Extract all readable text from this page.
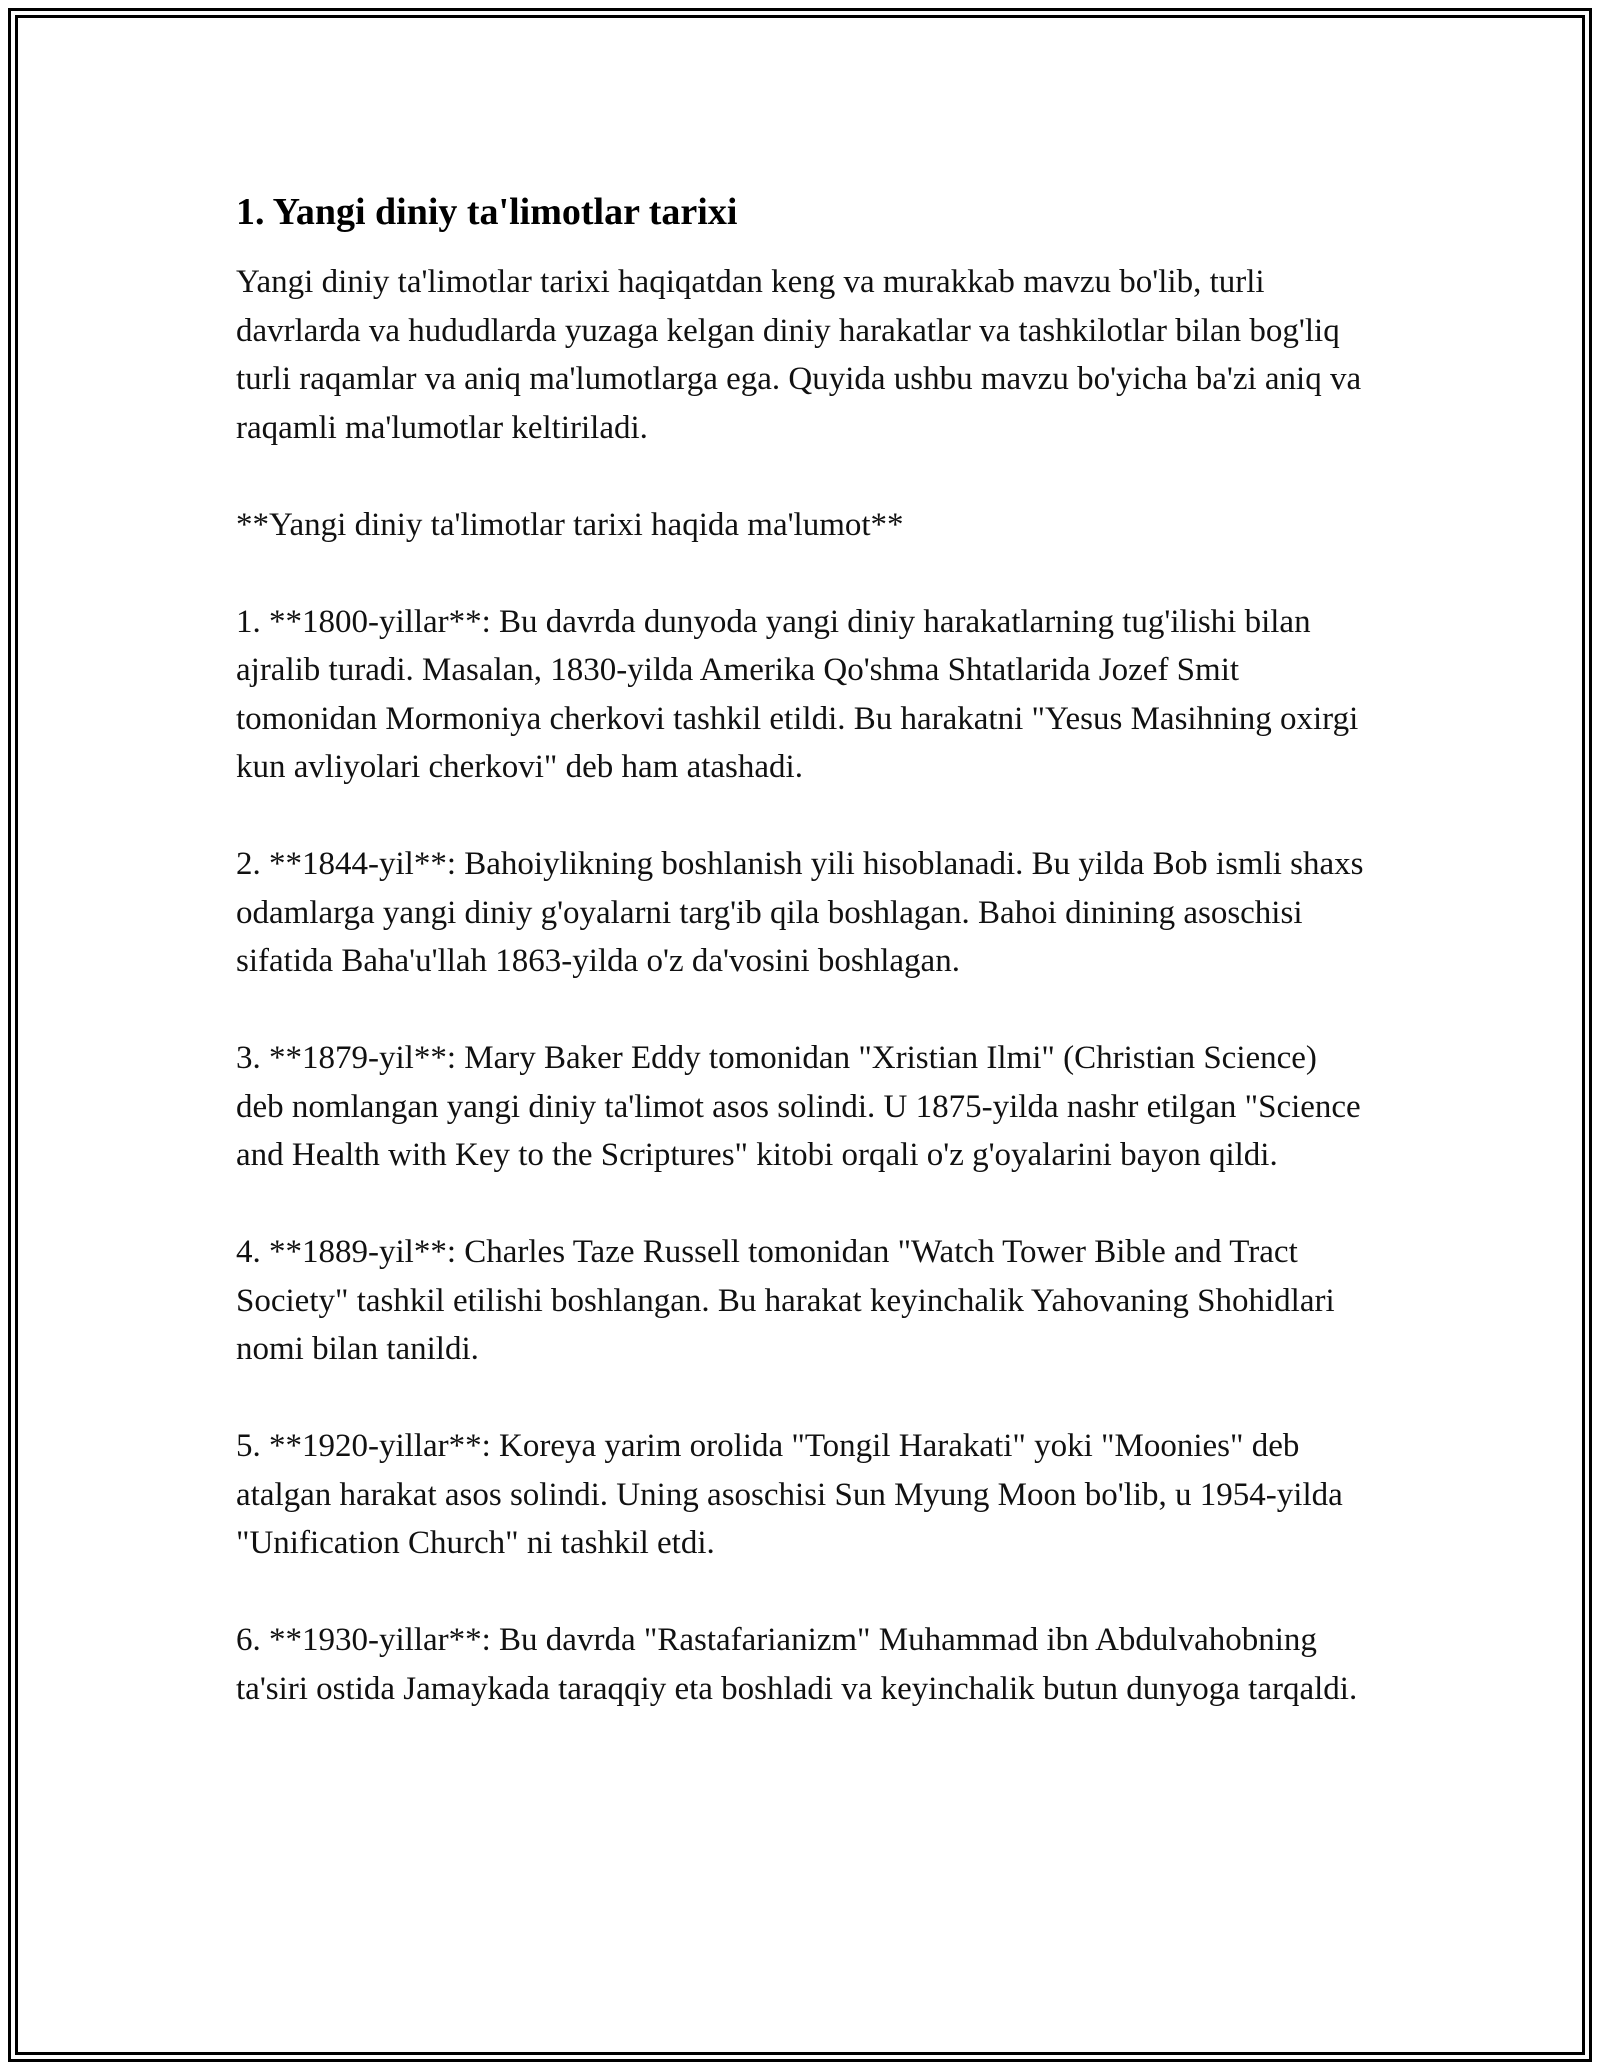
1. Yangi diniy ta'limotlar tarixi

Yangi diniy ta'limotlar tarixi haqiqatdan keng va murakkab mavzu bo'lib, turli davrlarda va hududlarda yuzaga kelgan diniy harakatlar va tashkilotlar bilan bog'liq turli raqamlar va aniq ma'lumotlarga ega. Quyida ushbu mavzu bo'yicha ba'zi aniq va raqamli ma'lumotlar keltiriladi.

**Yangi diniy ta'limotlar tarixi haqida ma'lumot**

1. **1800-yillar**: Bu davrda dunyoda yangi diniy harakatlarning tug'ilishi bilan ajralib turadi. Masalan, 1830-yilda Amerika Qo'shma Shtatlarida Jozef Smit tomonidan Mormoniya cherkovi tashkil etildi. Bu harakatni "Yesus Masihning oxirgi kun avliyolari cherkovi" deb ham atashadi.

2. **1844-yil**: Bahoiylikning boshlanish yili hisoblanadi. Bu yilda Bob ismli shaxs odamlarga yangi diniy g'oyalarni targ'ib qila boshlagan. Bahoi dinining asoschisi sifatida Baha'u'llah 1863-yilda o'z da'vosini boshlagan.

3. **1879-yil**: Mary Baker Eddy tomonidan "Xristian Ilmi" (Christian Science) deb nomlangan yangi diniy ta'limot asos solindi. U 1875-yilda nashr etilgan "Science and Health with Key to the Scriptures" kitobi orqali o'z g'oyalarini bayon qildi.

4. **1889-yil**: Charles Taze Russell tomonidan "Watch Tower Bible and Tract Society" tashkil etilishi boshlangan. Bu harakat keyinchalik Yahovaning Shohidlari nomi bilan tanildi.

5. **1920-yillar**: Koreya yarim orolida "Tongil Harakati" yoki "Moonies" deb atalgan harakat asos solindi. Uning asoschisi Sun Myung Moon bo'lib, u 1954-yilda "Unification Church" ni tashkil etdi.

6. **1930-yillar**: Bu davrda "Rastafarianizm" Muhammad ibn Abdulvahobning ta'siri ostida Jamaykada taraqqiy eta boshladi va keyinchalik butun dunyoga tarqaldi.
